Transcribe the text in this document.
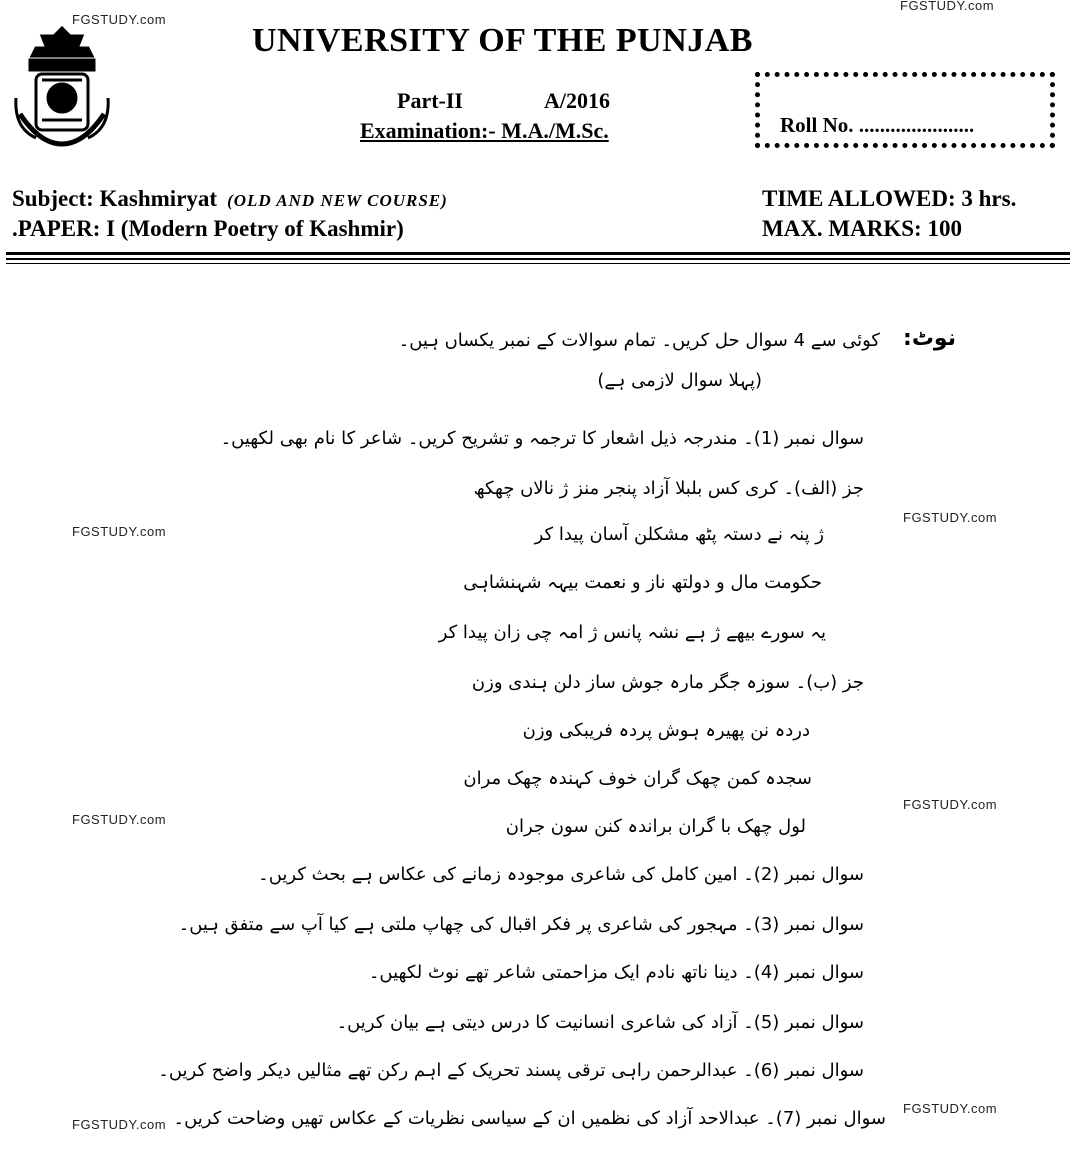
FGSTUDY.com
FGSTUDY.com
FGSTUDY.com
FGSTUDY.com
FGSTUDY.com
FGSTUDY.com
FGSTUDY.com
FGSTUDY.com
UNIVERSITY OF THE PUNJAB
Part-II	A/2016
Examination:- M.A./M.Sc.	Roll No. ......................
Subject: Kashmiryat (OLD AND NEW COURSE)
.PAPER: I (Modern Poetry of Kashmir)
TIME ALLOWED: 3 hrs.
MAX. MARKS: 100
نوٹ:
کوئی سے 4 سوال حل کریں۔ تمام سوالات کے نمبر یکساں ہیں۔
(پہلا سوال لازمی ہے)
سوال نمبر (1)۔ مندرجہ ذیل اشعار کا ترجمہ و تشریح کریں۔ شاعر کا نام بھی لکھیں۔
جز (الف)۔ کری کس بلبلا آزاد پنجر منز ژ نالاں چھکھ
ژ پنہ نے دستہ پٹھ مشکلن آسان پیدا کر
حکومت مال و دولتھ ناز و نعمت بیہہ شہنشاہی
یہ سورے بیھے ژ ہے نشہ پانس ژ امہ چی زان پیدا کر
جز (ب)۔ سوزہ جگر مارہ جوش ساز دلن ہندی وزن
دردہ نن پھیرہ ہوش پردہ فریبکی وزن
سجدہ کمن چھک گران خوف کہندہ چھک مران
لول چھک با گران براندہ کنن سون جران
سوال نمبر (2)۔ امین کامل کی شاعری موجودہ زمانے کی عکاس ہے بحث کریں۔
سوال نمبر (3)۔ مہجور کی شاعری پر فکر اقبال کی چھاپ ملتی ہے کیا آپ سے متفق ہیں۔
سوال نمبر (4)۔ دینا ناتھ نادم ایک مزاحمتی شاعر تھے نوٹ لکھیں۔
سوال نمبر (5)۔ آزاد کی شاعری انسانیت کا درس دیتی ہے بیان کریں۔
سوال نمبر (6)۔ عبدالرحمن راہی ترقی پسند تحریک کے اہم رکن تھے مثالیں دیکر واضح کریں۔
سوال نمبر (7)۔ عبدالاحد آزاد کی نظمیں ان کے سیاسی نظریات کے عکاس تھیں وضاحت کریں۔
